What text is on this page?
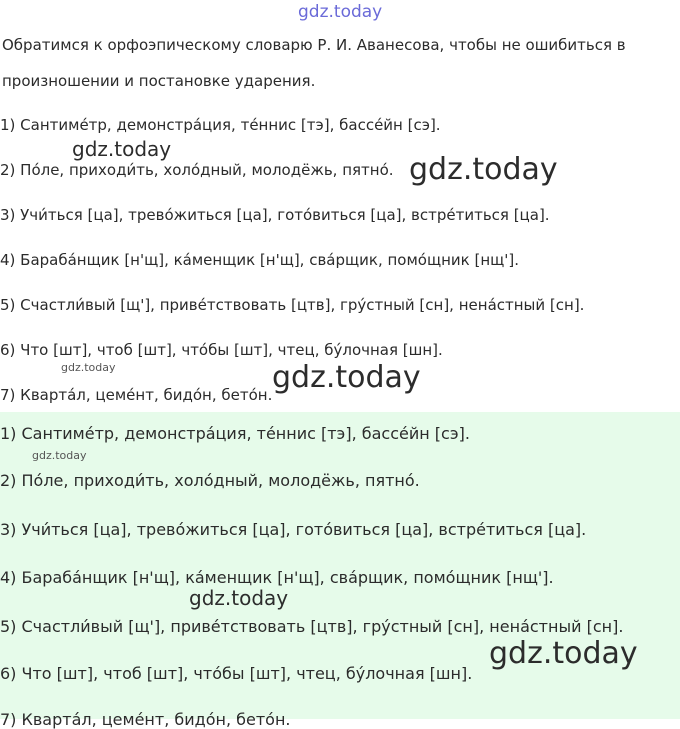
gdz.today
Обратимся к орфоэпическому словарю Р. И. Аванесова, чтобы не ошибиться в
произношении и постановке ударения.
1) Сантиме́тр, демонстра́ция, те́ннис [тэ], бассе́йн [сэ].
2) По́ле, приходи́ть, холо́дный, молодёжь, пятно́.
3) Учи́ться [ца], трево́житься [ца], гото́виться [ца], встре́титься [ца].
4) Бараба́нщик [н'щ], ка́менщик [н'щ], сва́рщик, помо́щник [нщ'].
5) Счастли́вый [щ'], приве́тствовать [цтв], гру́стный [сн], нена́стный [сн].
6) Что [шт], чтоб [шт], что́бы [шт], чтец, бу́лочная [шн].
7) Кварта́л, цеме́нт, бидо́н, бето́н.
gdz.today
gdz.today
gdz.today	gdz.today
1) Сантиме́тр, демонстра́ция, те́ннис [тэ], бассе́йн [сэ].
2) По́ле, приходи́ть, холо́дный, молодёжь, пятно́.
3) Учи́ться [ца], трево́житься [ца], гото́виться [ца], встре́титься [ца].
4) Бараба́нщик [н'щ], ка́менщик [н'щ], сва́рщик, помо́щник [нщ'].
5) Счастли́вый [щ'], приве́тствовать [цтв], гру́стный [сн], нена́стный [сн].
6) Что [шт], чтоб [шт], что́бы [шт], чтец, бу́лочная [шн].
7) Кварта́л, цеме́нт, бидо́н, бето́н.
gdz.today
gdz.today
gdz.today
